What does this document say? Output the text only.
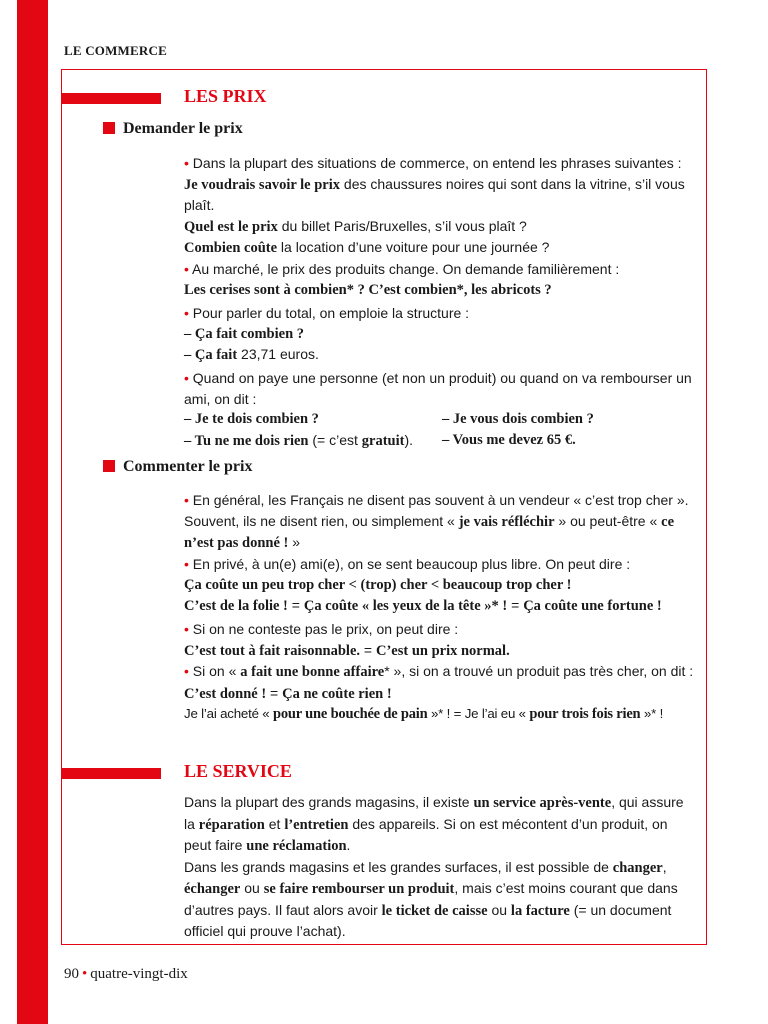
LE COMMERCE
LES PRIX
Demander le prix

• Dans la plupart des situations de commerce, on entend les phrases suivantes :

Je voudrais savoir le prix des chaussures noires qui sont dans la vitrine, s’il vous plaît.

Quel est le prix du billet Paris/Bruxelles, s’il vous plaît ?

Combien coûte la location d’une voiture pour une journée ?

• Au marché, le prix des produits change. On demande familièrement :

Les cerises sont à combien* ? C’est combien*, les abricots ?

• Pour parler du total, on emploie la structure :

– Ça fait combien ?

– Ça fait 23,71 euros.

• Quand on paye une personne (et non un produit) ou quand on va rembourser un ami, on dit :

– Je te dois combien ?	– Je vous dois combien ?

– Tu ne me dois rien (= c’est gratuit).	– Vous me devez 65 €.

Commenter le prix

• En général, les Français ne disent pas souvent à un vendeur « c’est trop cher ». Souvent, ils ne disent rien, ou simplement « je vais réfléchir » ou peut-être « ce n’est pas donné ! »

• En privé, à un(e) ami(e), on se sent beaucoup plus libre. On peut dire :

Ça coûte un peu trop cher < (trop) cher < beaucoup trop cher !

C’est de la folie ! = Ça coûte « les yeux de la tête »* ! = Ça coûte une fortune !

• Si on ne conteste pas le prix, on peut dire :

C’est tout à fait raisonnable. = C’est un prix normal.

• Si on « a fait une bonne affaire* », si on a trouvé un produit pas très cher, on dit :

C’est donné ! = Ça ne coûte rien !

Je l’ai acheté « pour une bouchée de pain »* ! = Je l’ai eu « pour trois fois rien »* !

LE SERVICE

Dans la plupart des grands magasins, il existe un service après-vente, qui assure la réparation et l’entretien des appareils. Si on est mécontent d’un produit, on peut faire une réclamation.

Dans les grands magasins et les grandes surfaces, il est possible de changer, échanger ou se faire rembourser un produit, mais c’est moins courant que dans d’autres pays. Il faut alors avoir le ticket de caisse ou la facture (= un document officiel qui prouve l’achat).

90 • quatre-vingt-dix
